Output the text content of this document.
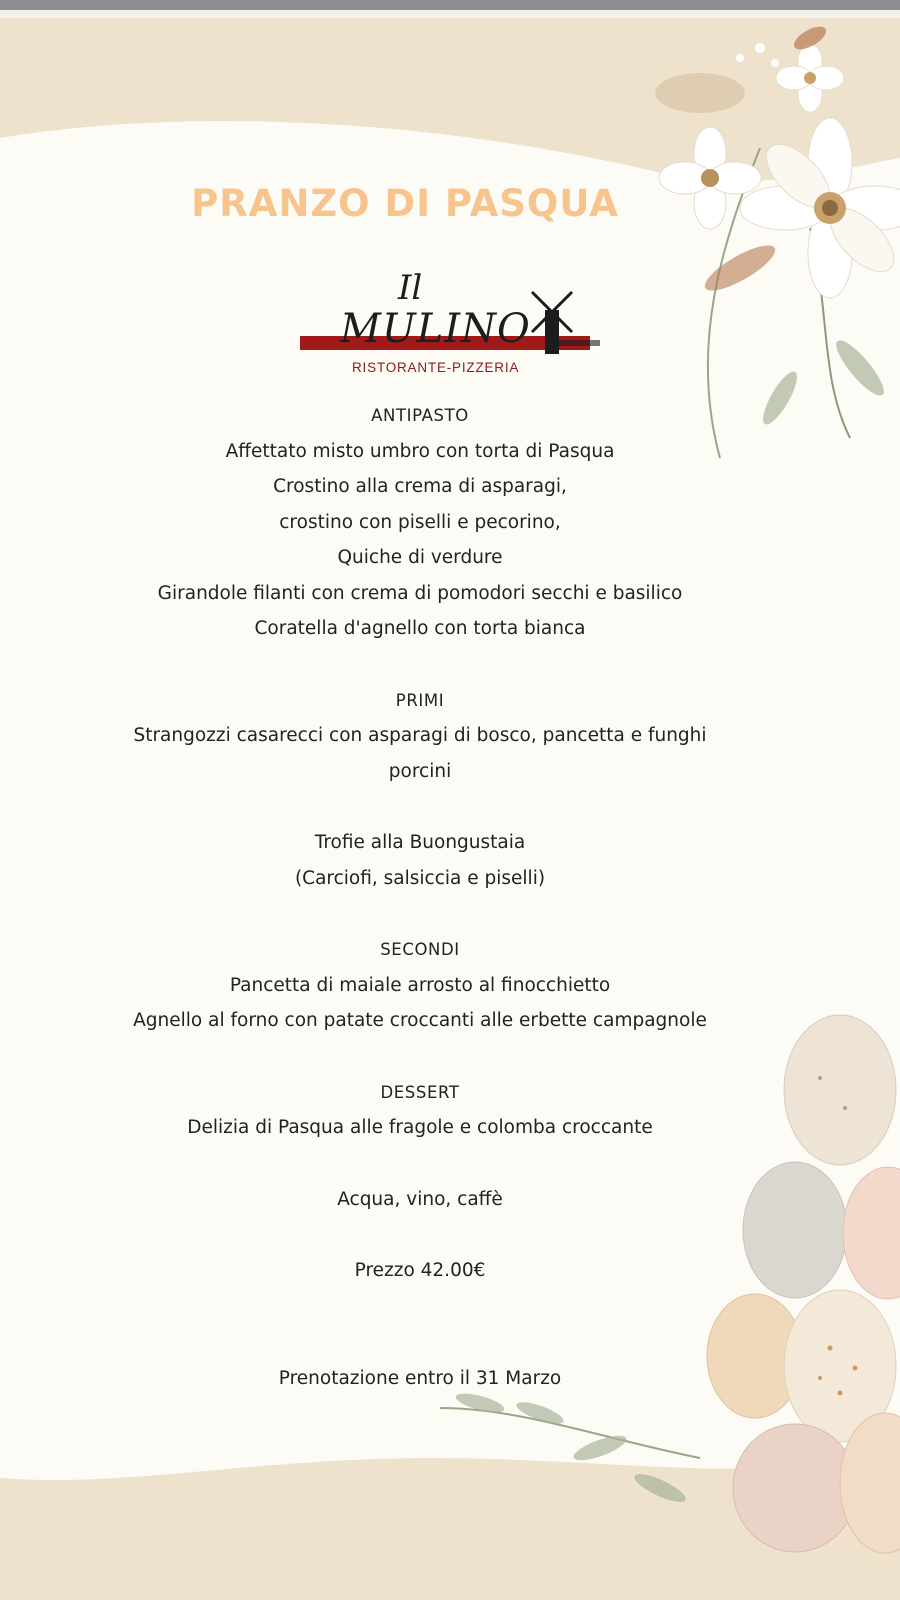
PRANZO DI PASQUA
Il
MULINO
RISTORANTE-PIZZERIA
ANTIPASTO
Affettato misto umbro con torta di Pasqua
Crostino alla crema di asparagi,
crostino con piselli e pecorino,
Quiche di verdure
Girandole filanti con crema di pomodori secchi e basilico
Coratella d'agnello con torta bianca
PRIMI
Strangozzi casarecci con asparagi di bosco, pancetta e funghi
porcini
Trofie alla Buongustaia
(Carciofi, salsiccia e piselli)
SECONDI
Pancetta di maiale arrosto al finocchietto
Agnello al forno con patate croccanti alle erbette campagnole
DESSERT
Delizia di Pasqua alle fragole e colomba croccante
Acqua, vino, caffè
Prezzo 42.00€
Prenotazione entro il 31 Marzo
